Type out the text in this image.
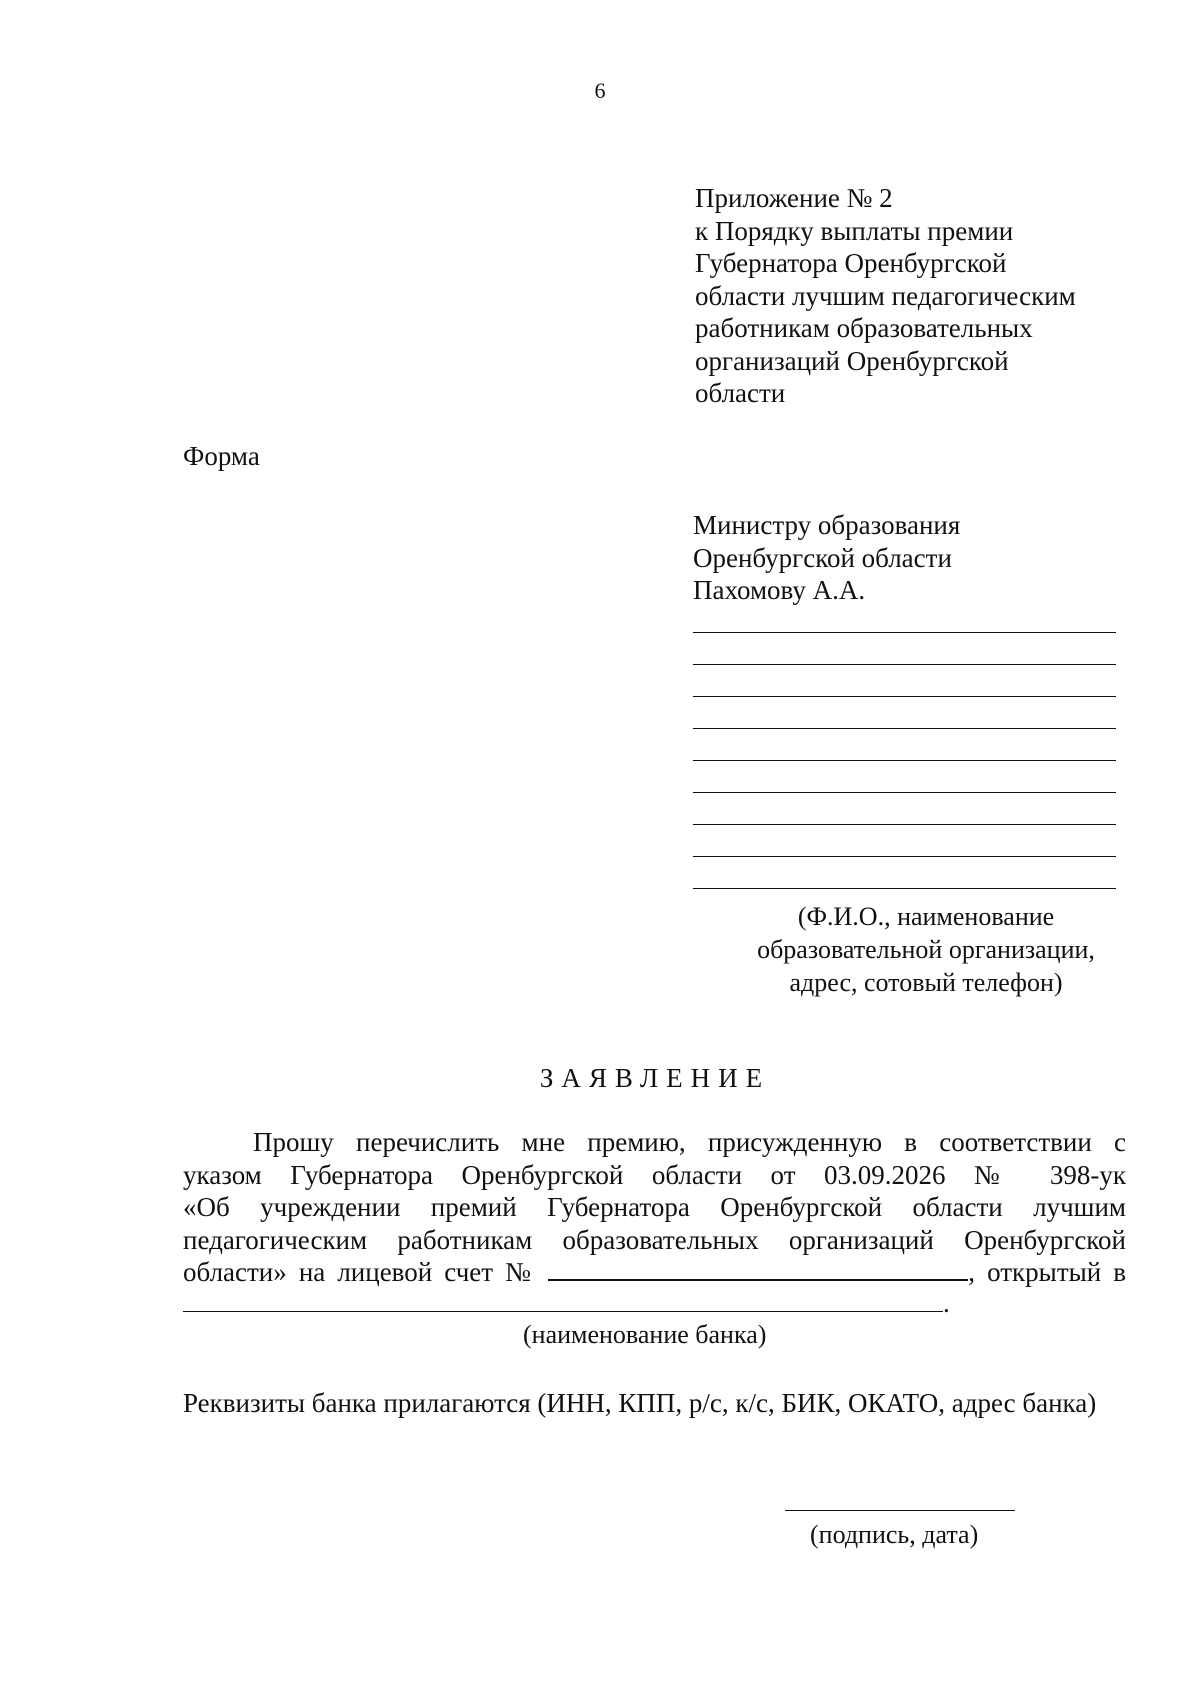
6
Приложение № 2
к Порядку выплаты премии
Губернатора Оренбургской
области лучшим педагогическим
работникам образовательных
организаций Оренбургской
области
Форма
Министру образования
Оренбургской области
Пахомову А.А.
(Ф.И.О., наименование
образовательной организации,
адрес, сотовый телефон)
ЗАЯВЛЕНИЕ
Прошу перечислить мне премию, присужденную в соответствии с
указом Губернатора Оренбургской области от 03.09.2026 № 398-ук
«Об учреждении премий Губернатора Оренбургской области лучшим
педагогическим работникам образовательных организаций Оренбургской
области» на лицевой счет №	, открытый в
.
(наименование банка)
Реквизиты банка прилагаются (ИНН, КПП, р/с, к/с, БИК, ОКАТО, адрес банка)
(подпись, дата)
